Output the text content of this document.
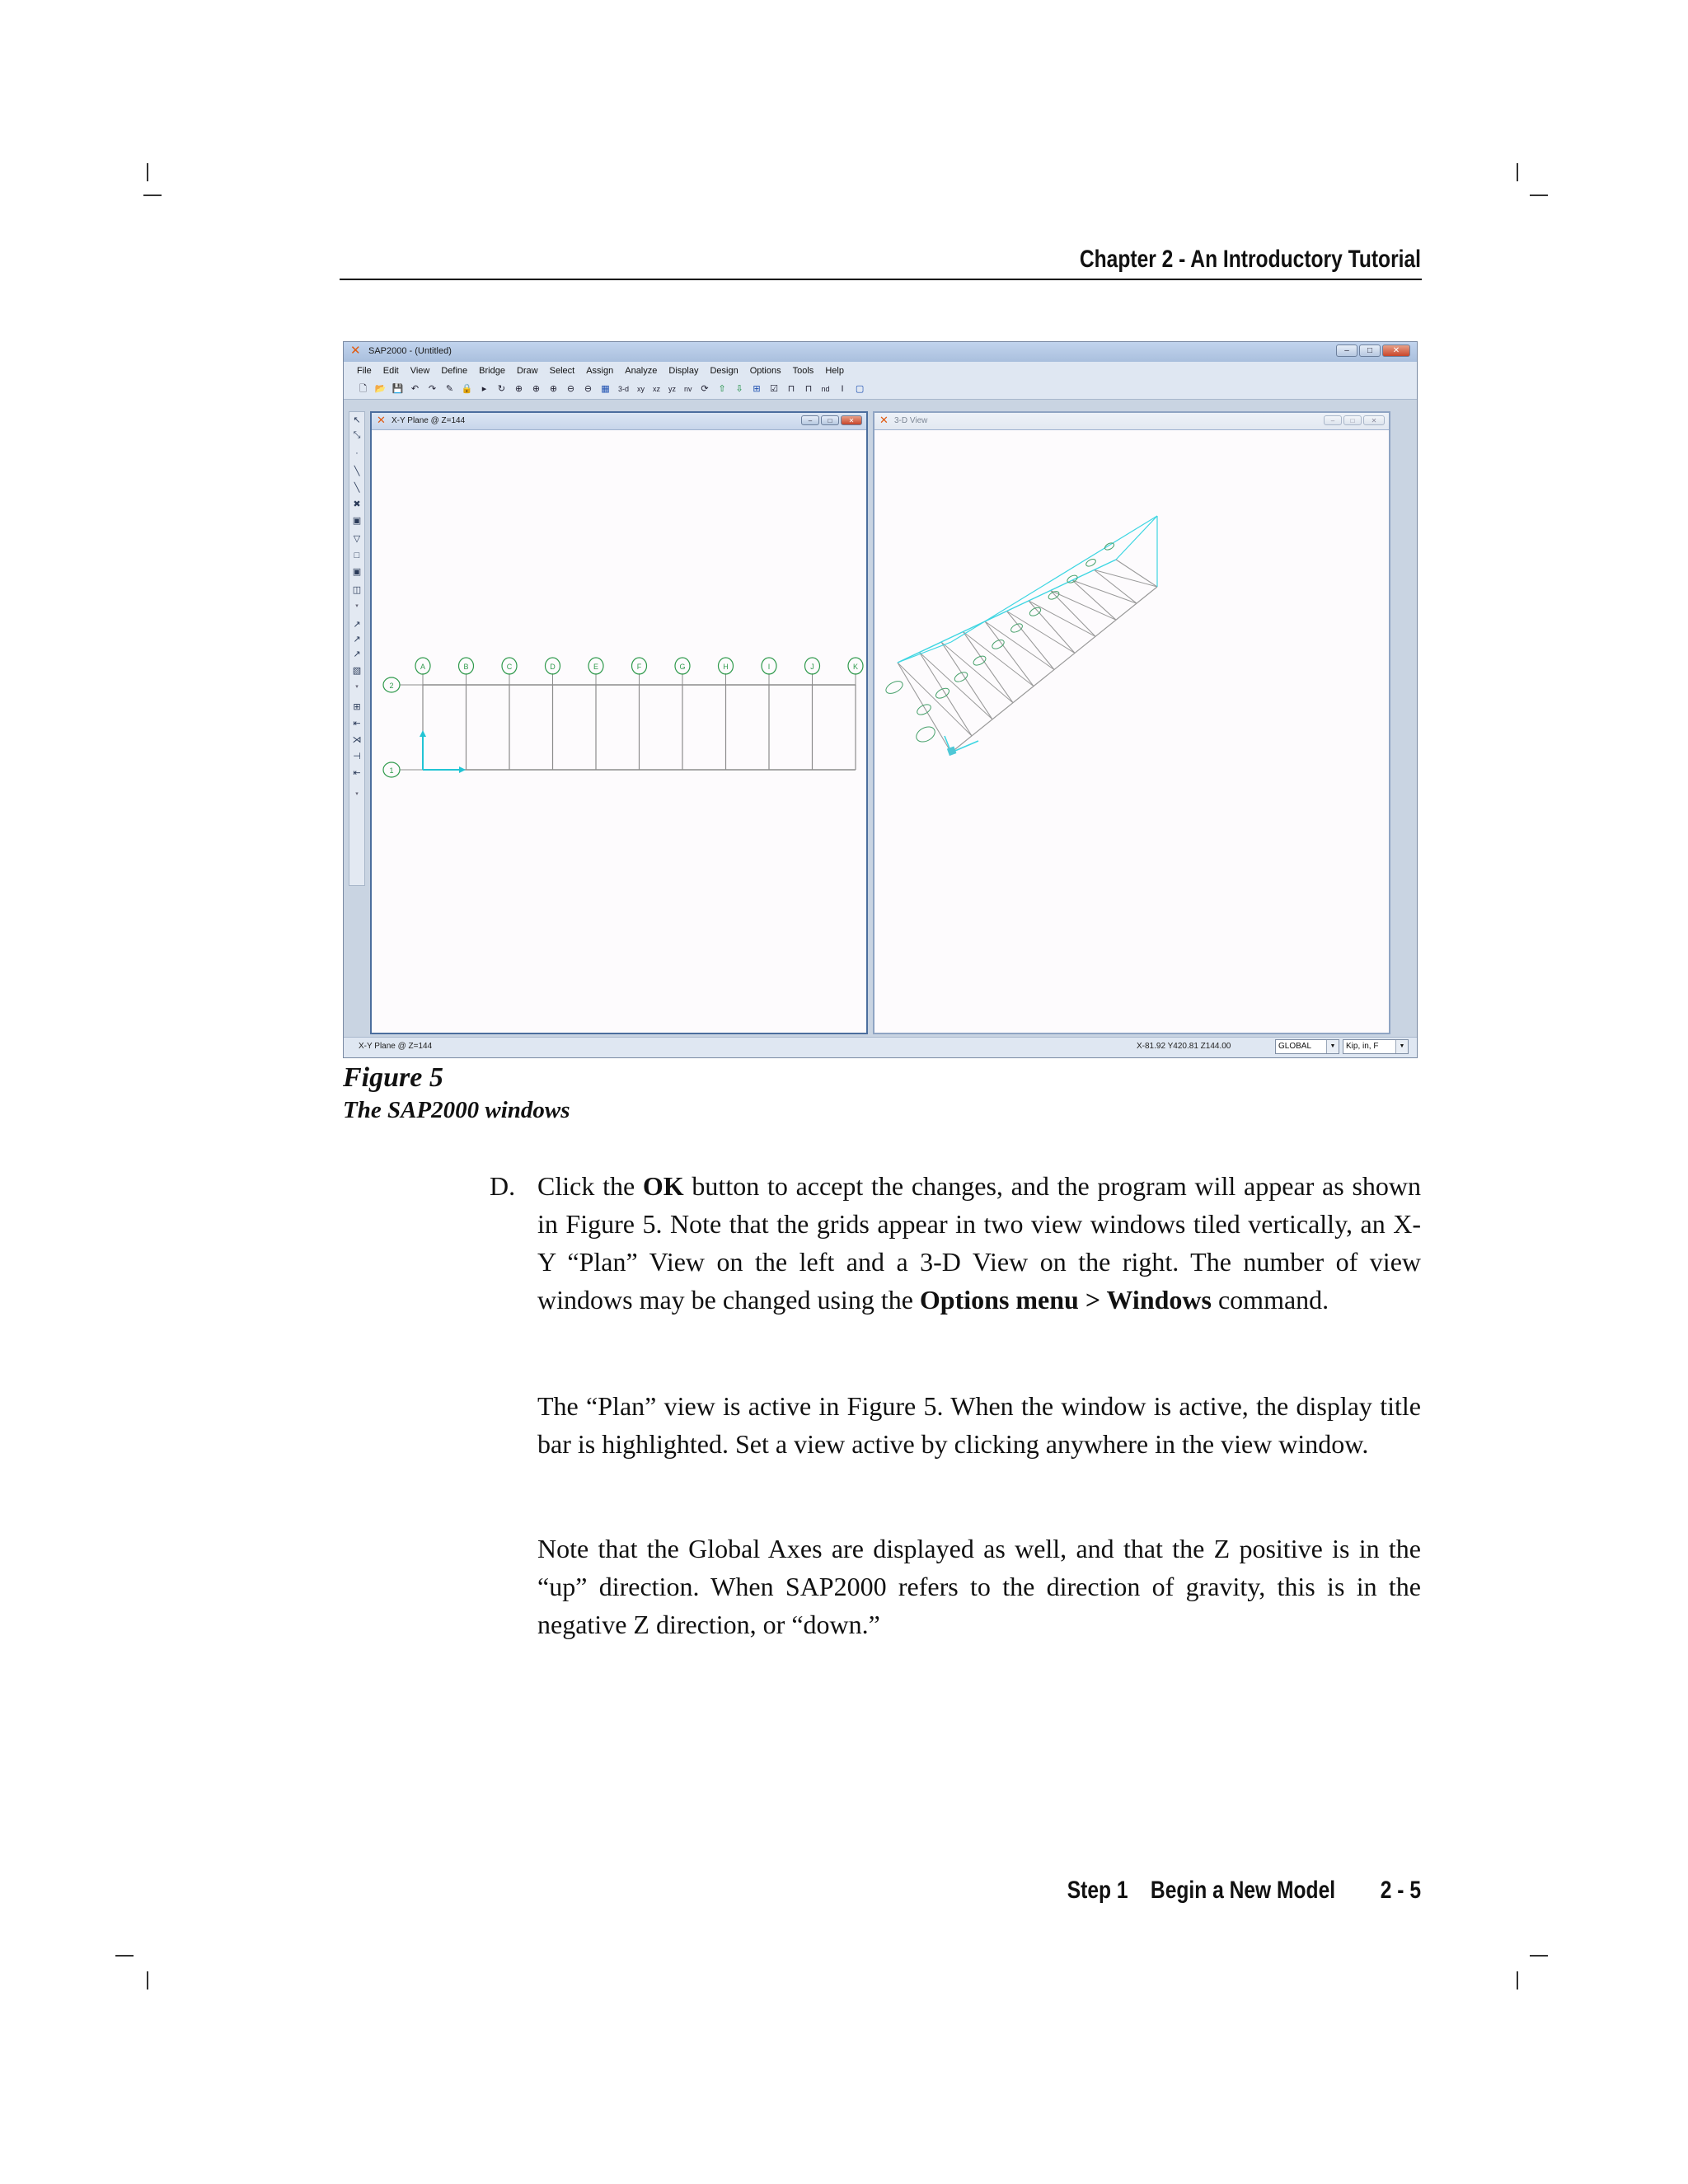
Chapter 2 - An Introductory Tutorial
✕ SAP2000 - (Untitled)	–	□	✕
File Edit View Define Bridge Draw Select Assign Analyze Display Design Options Tools Help
🗋 📂 💾 ↶ ↷ ✎ 🔒	▸	↻ ⊕ ⊕ ⊕ ⊖ ⊖ ▦ 3-d xy xz yz nv ⟳ ⇧ ⇩ ⊞ ☑ ⊓ ⊓	nd	I	▢
↖
⤡
·
╲
╲
✖
▣
▽
□
▣
◫
▾
↗
↗
↗
▧
▾
⊞
⇤
⋊
⊣
⇤
▾
✕ X-Y Plane @ Z=144	–	□	✕
A	B	C	D	E	F	G	H	I	J	K
2
1
✕ 3-D View	–	□	✕
X-Y Plane @ Z=144	X-81.92 Y420.81 Z144.00	GLOBAL	▼	Kip, in, F	▼
Figure 5
The SAP2000 windows
D. Click the OK button to accept the changes, and the program will appear as shown in Figure 5. Note that the grids appear in two view windows tiled vertically, an X-Y “Plan” View on the left and a 3-D View on the right. The number of view windows may be changed using the Options menu > Windows command.

The “Plan” view is active in Figure 5. When the window is active, the display title bar is highlighted. Set a view active by clicking anywhere in the view window.

Note that the Global Axes are displayed as well, and that the Z positive is in the “up” direction. When SAP2000 refers to the direction of gravity, this is in the negative Z direction, or “down.”

Step 1 Begin a New Model 2 - 5
